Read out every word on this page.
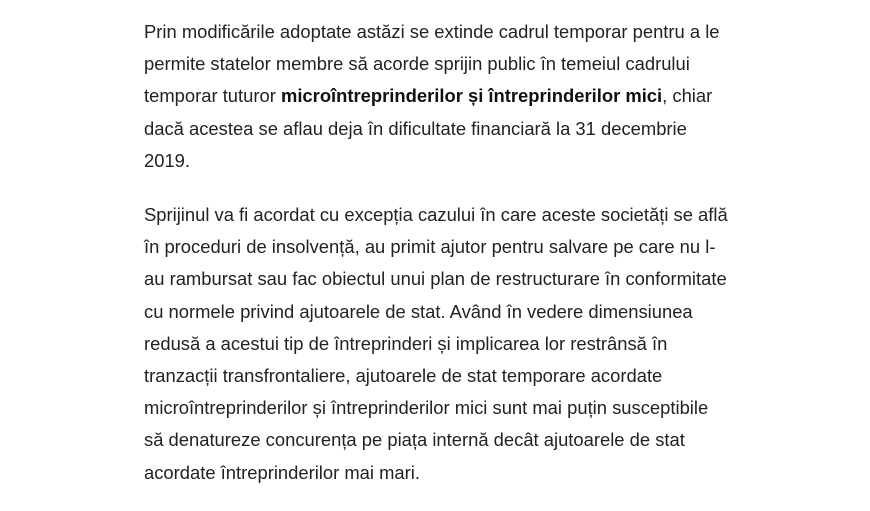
Prin modificările adoptate astăzi se extinde cadrul temporar pentru a le
permite statelor membre să acorde sprijin public în temeiul cadrului
temporar tuturor microîntreprinderilor și întreprinderilor mici, chiar
dacă acestea se aflau deja în dificultate financiară la 31 decembrie
2019.

Sprijinul va fi acordat cu excepția cazului în care aceste societăți se află
în proceduri de insolvență, au primit ajutor pentru salvare pe care nu l-
au rambursat sau fac obiectul unui plan de restructurare în conformitate
cu normele privind ajutoarele de stat. Având în vedere dimensiunea
redusă a acestui tip de întreprinderi și implicarea lor restrânsă în
tranzacții transfrontaliere, ajutoarele de stat temporare acordate
microîntreprinderilor și întreprinderilor mici sunt mai puțin susceptibile
să denatureze concurența pe piața internă decât ajutoarele de stat
acordate întreprinderilor mai mari.
